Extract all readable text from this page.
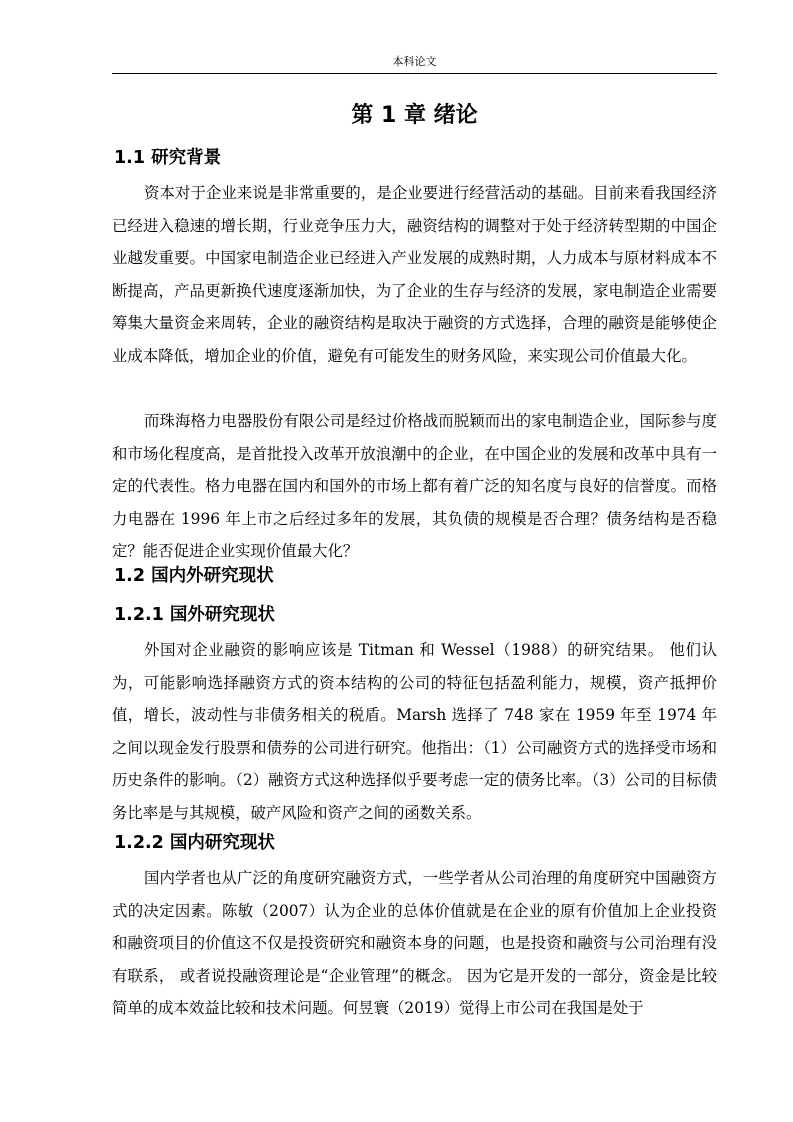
本科论文
第 1 章 绪论
1.1 研究背景

资本对于企业来说是非常重要的，是企业要进行经营活动的基础。目前来看我国经济已经进入稳速的增长期，行业竞争压力大，融资结构的调整对于处于经济转型期的中国企业越发重要。中国家电制造企业已经进入产业发展的成熟时期，人力成本与原材料成本不断提高，产品更新换代速度逐渐加快，为了企业的生存与经济的发展，家电制造企业需要筹集大量资金来周转，企业的融资结构是取决于融资的方式选择，合理的融资是能够使企业成本降低，增加企业的价值，避免有可能发生的财务风险，来实现公司价值最大化。

而珠海格力电器股份有限公司是经过价格战而脱颖而出的家电制造企业，国际参与度和市场化程度高，是首批投入改革开放浪潮中的企业，在中国企业的发展和改革中具有一定的代表性。格力电器在国内和国外的市场上都有着广泛的知名度与良好的信誉度。而格力电器在 1996 年上市之后经过多年的发展，其负债的规模是否合理？债务结构是否稳定？能否促进企业实现价值最大化？

1.2 国内外研究现状
1.2.1 国外研究现状

外国对企业融资的影响应该是 Titman 和 Wessel（1988）的研究结果。 他们认为，可能影响选择融资方式的资本结构的公司的特征包括盈利能力，规模，资产抵押价值，增长，波动性与非债务相关的税盾。Marsh 选择了 748 家在 1959 年至 1974 年之间以现金发行股票和债券的公司进行研究。他指出：（1）公司融资方式的选择受市场和历史条件的影响。（2）融资方式这种选择似乎要考虑一定的债务比率。（3）公司的目标债务比率是与其规模，破产风险和资产之间的函数关系。

1.2.2 国内研究现状

国内学者也从广泛的角度研究融资方式，一些学者从公司治理的角度研究中国融资方式的决定因素。陈敏（2007）认为企业的总体价值就是在企业的原有价值加上企业投资和融资项目的价值这不仅是投资研究和融资本身的问题，也是投资和融资与公司治理有没有联系， 或者说投融资理论是“企业管理”的概念。 因为它是开发的一部分，资金是比较简单的成本效益比较和技术问题。何昱寰（2019）觉得上市公司在我国是处于
